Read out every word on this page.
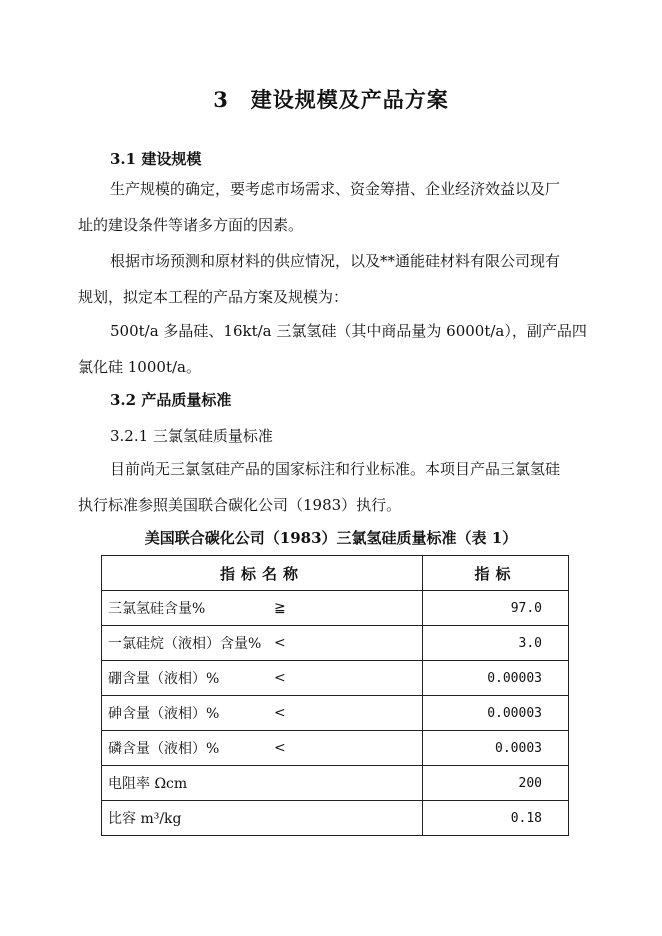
3　建设规模及产品方案
3.1 建设规模
生产规模的确定，要考虑市场需求、资金筹措、企业经济效益以及厂
址的建设条件等诸多方面的因素。
根据市场预测和原材料的供应情况，以及**通能硅材料有限公司现有
规划，拟定本工程的产品方案及规模为：
500t/a 多晶硅、16kt/a 三氯氢硅（其中商品量为 6000t/a），副产品四
氯化硅 1000t/a。
3.2 产品质量标准
3.2.1 三氯氢硅质量标准
目前尚无三氯氢硅产品的国家标注和行业标准。本项目产品三氯氢硅
执行标准参照美国联合碳化公司（1983）执行。
美国联合碳化公司（1983）三氯氢硅质量标准（表 1）
指标名称	指标
三氯氢硅含量% ≧	97.0
一氯硅烷（液相）含量% <	3.0
硼含量（液相）% <	0.00003
砷含量（液相）% <	0.00003
磷含量（液相）% <	0.0003
电阻率 Ωcm	200
比容 m³/kg	0.18
